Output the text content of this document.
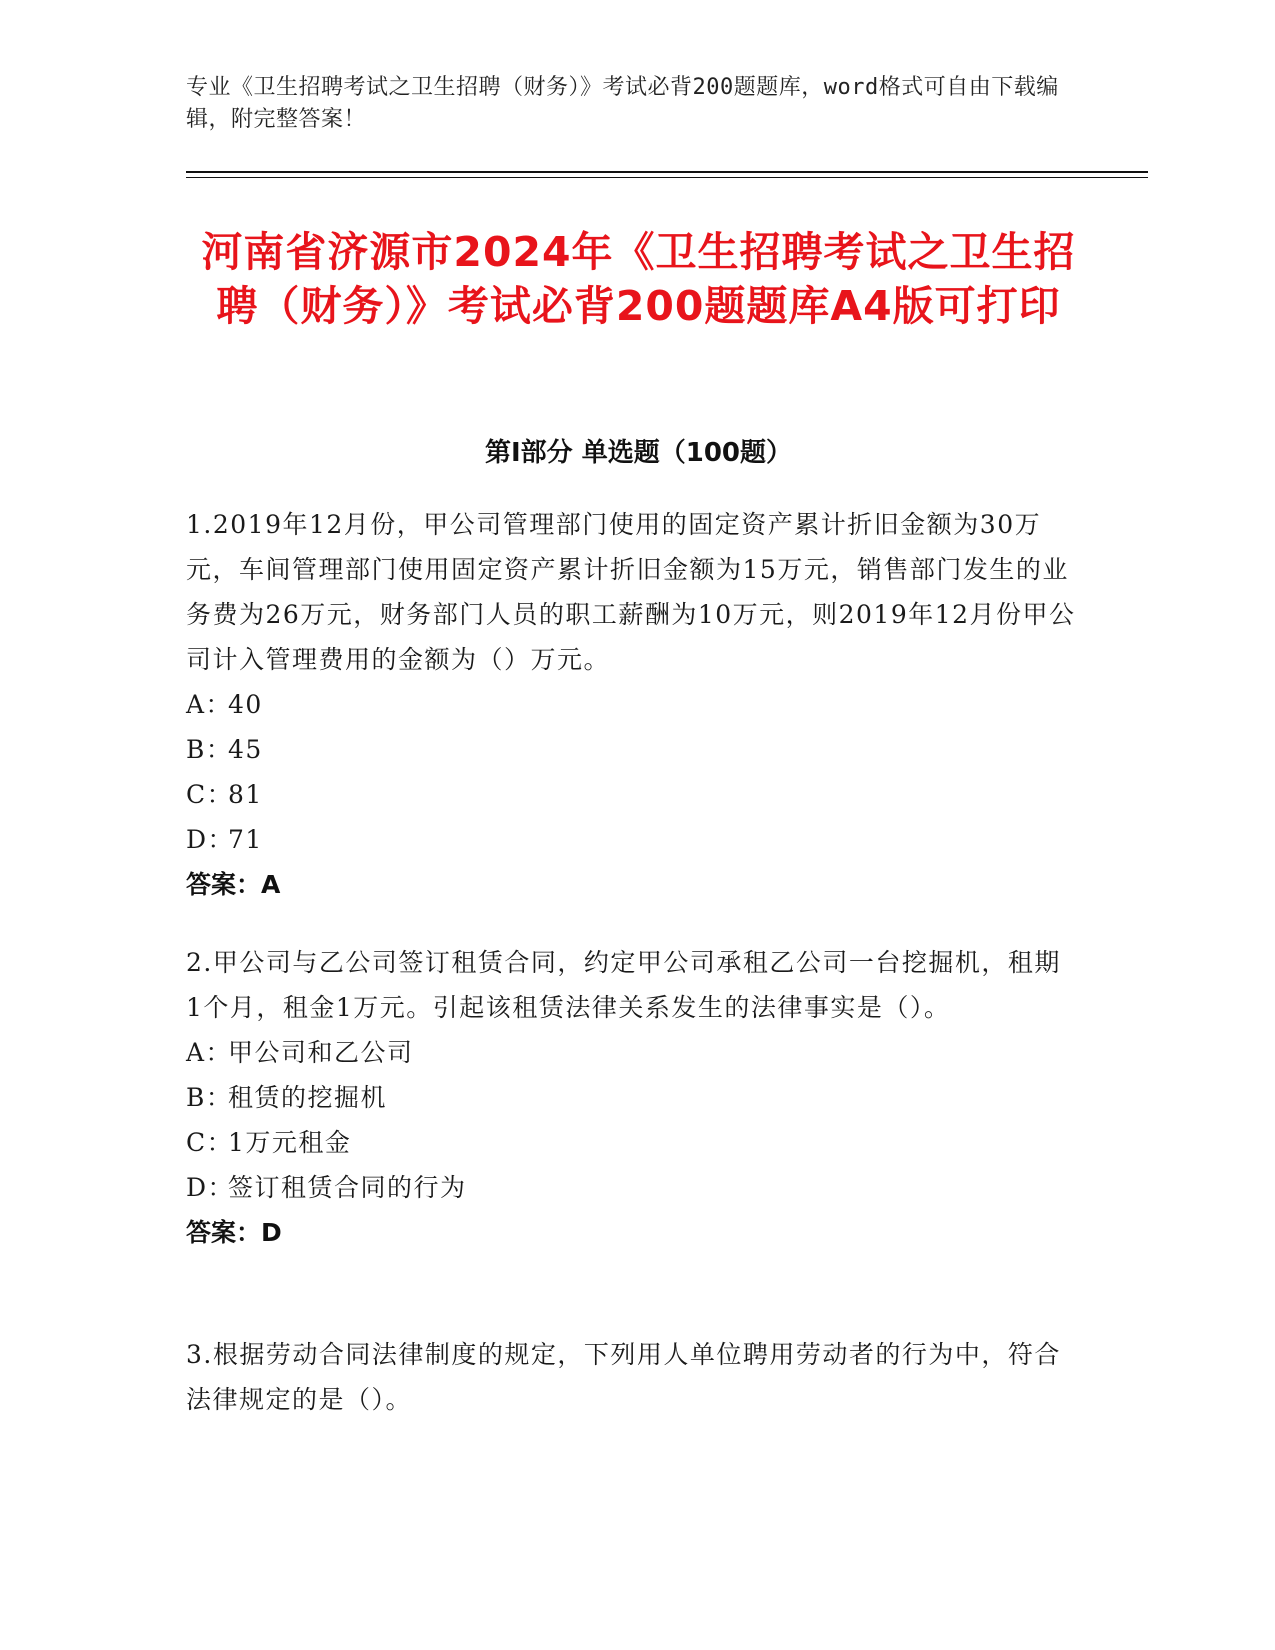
专业《卫生招聘考试之卫生招聘（财务）》考试必背200题题库，word格式可自由下载编辑，附完整答案！
河南省济源市2024年《卫生招聘考试之卫生招聘（财务）》考试必背200题题库A4版可打印
第I部分 单选题（100题）

1.2019年12月份，甲公司管理部门使用的固定资产累计折旧金额为30万元，车间管理部门使用固定资产累计折旧金额为15万元，销售部门发生的业务费为26万元，财务部门人员的职工薪酬为10万元，则2019年12月份甲公司计入管理费用的金额为（）万元。

A：
40

B：
45

C：
81

D：
71

答案：A

2.甲公司与乙公司签订租赁合同，约定甲公司承租乙公司一台挖掘机，租期1个月，租金1万元。引起该租赁法律关系发生的法律事实是（）。

A：
甲公司和乙公司

B：
租赁的挖掘机

C：
1万元租金

D：
签订租赁合同的行为

答案：D

3.根据劳动合同法律制度的规定，下列用人单位聘用劳动者的行为中，符合法律规定的是（）。
